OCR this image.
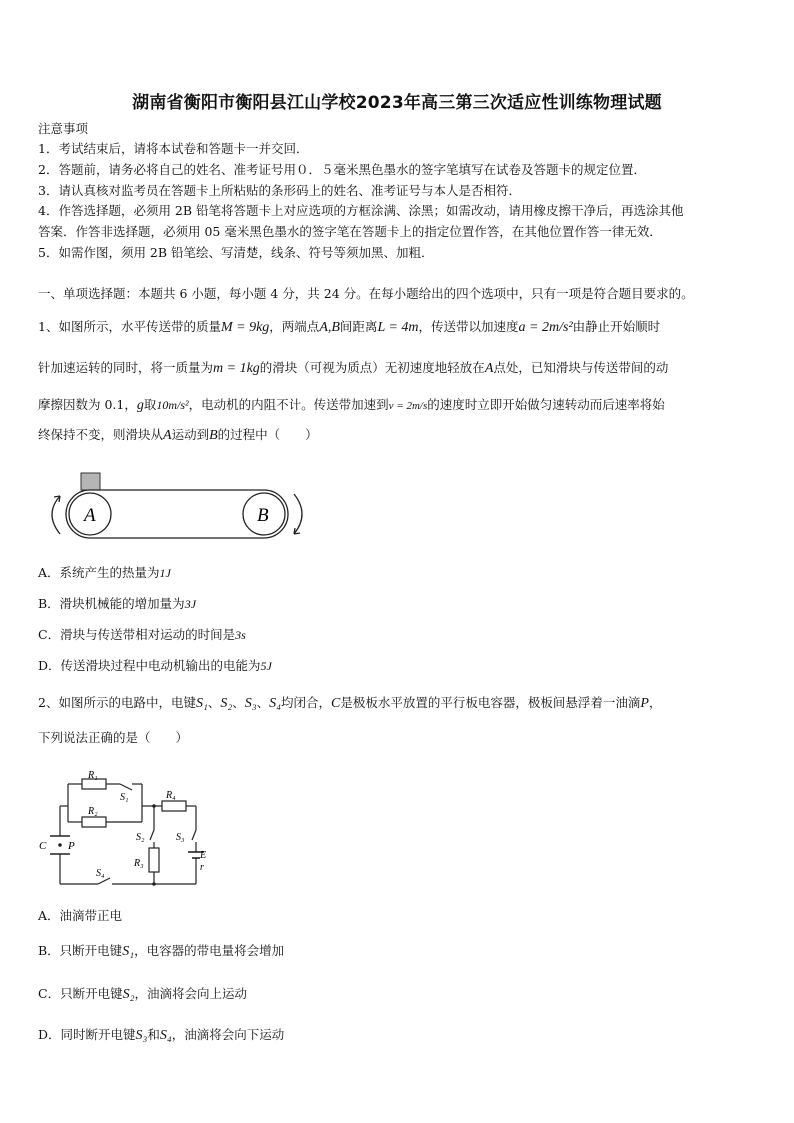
湖南省衡阳市衡阳县江山学校2023年高三第三次适应性训练物理试题
注意事项
1．考试结束后，请将本试卷和答题卡一并交回．
2．答题前，请务必将自己的姓名、准考证号用０．５毫米黑色墨水的签字笔填写在试卷及答题卡的规定位置．
3．请认真核对监考员在答题卡上所粘贴的条形码上的姓名、准考证号与本人是否相符．
4．作答选择题，必须用 2B 铅笔将答题卡上对应选项的方框涂满、涂黑；如需改动，请用橡皮擦干净后，再选涂其他
答案．作答非选择题，必须用 05 毫米黑色墨水的签字笔在答题卡上的指定位置作答，在其他位置作答一律无效．
5．如需作图，须用 2B 铅笔绘、写清楚，线条、符号等须加黑、加粗．
一、单项选择题：本题共 6 小题，每小题 4 分，共 24 分。在每小题给出的四个选项中，只有一项是符合题目要求的。
1、如图所示，水平传送带的质量M = 9kg，两端点A,B间距离L = 4m，传送带以加速度a = 2m/s²由静止开始顺时
针加速运转的同时，将一质量为m = 1kg的滑块（可视为质点）无初速度地轻放在A点处，已知滑块与传送带间的动
摩擦因数为 0.1，g取10m/s²，电动机的内阻不计。传送带加速到v = 2m/s的速度时立即开始做匀速转动而后速率将始
终保持不变，则滑块从A运动到B的过程中（　　）
A	B
A．系统产生的热量为1J
B．滑块机械能的增加量为3J
C．滑块与传送带相对运动的时间是3s
D．传送滑块过程中电动机输出的电能为5J
2、如图所示的电路中，电键S₁、S₂、S₃、S₄均闭合，C是极板水平放置的平行板电容器，极板间悬浮着一油滴P，
下列说法正确的是（　　）
R₁
R₂
R₄
R₃
S₁
S₂	S₃
S₄
C P
E
r
A．油滴带正电
B．只断开电键S₁，电容器的带电量将会增加
C．只断开电键S₂，油滴将会向上运动
D．同时断开电键S₃和S₄，油滴将会向下运动
